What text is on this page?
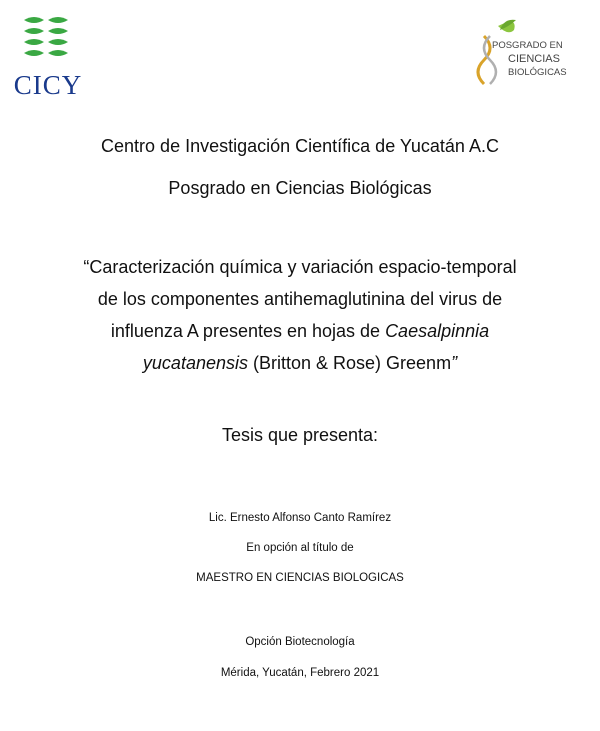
CICY
POSGRADO EN
CIENCIAS
BIOLÓGICAS
Centro de Investigación Científica de Yucatán A.C
Posgrado en Ciencias Biológicas
“Caracterización química y variación espacio-temporal
de los componentes antihemaglutinina del virus de
influenza A presentes en hojas de Caesalpinnia
yucatanensis (Britton & Rose) Greenm”
Tesis que presenta:
Lic. Ernesto Alfonso Canto Ramírez
En opción al título de
MAESTRO EN CIENCIAS BIOLOGICAS
Opción Biotecnología
Mérida, Yucatán, Febrero 2021
